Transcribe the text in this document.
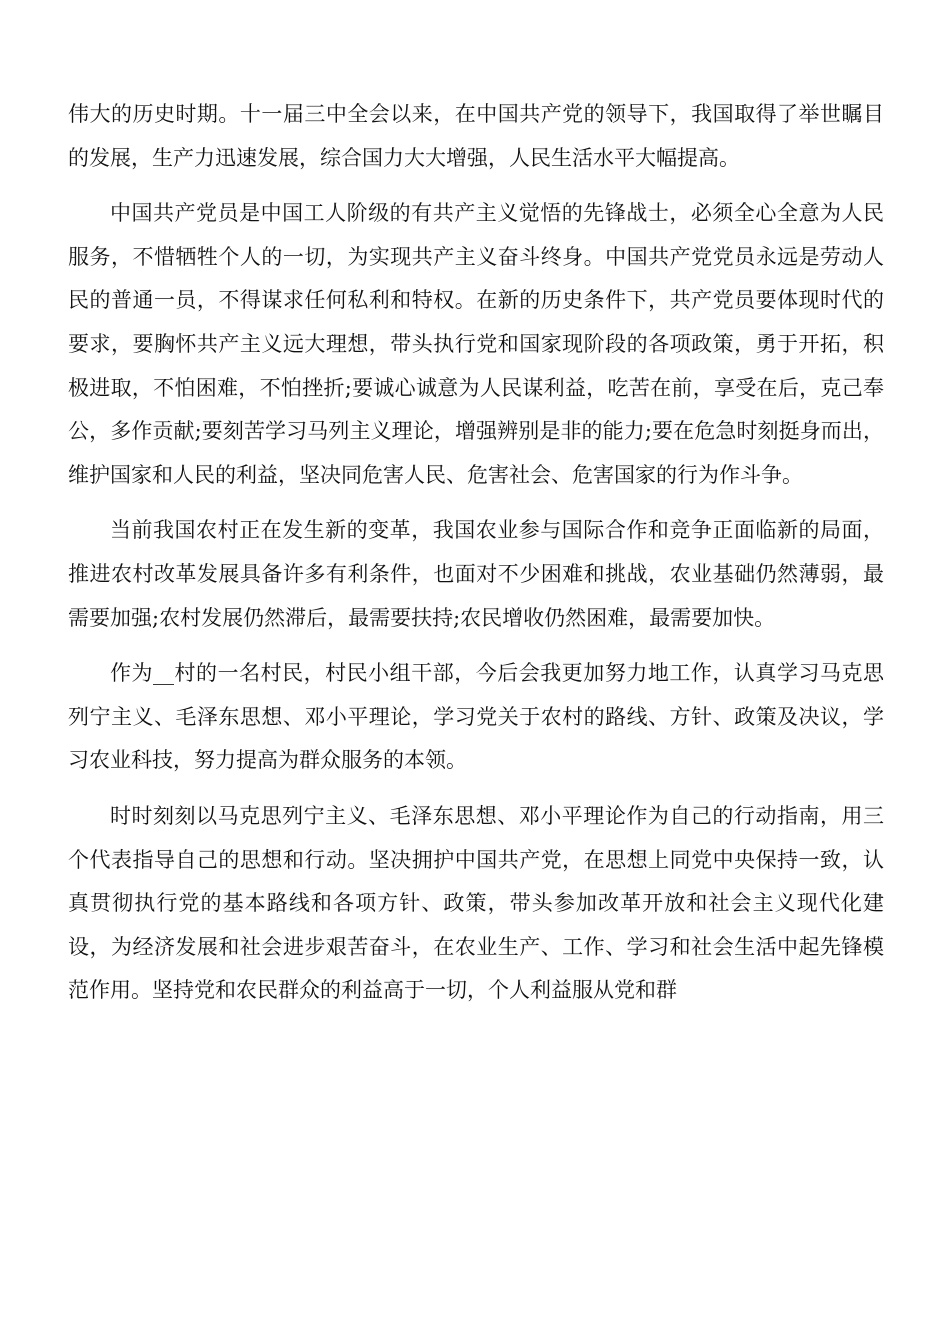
伟大的历史时期。十一届三中全会以来，在中国共产党的领导下，我国取得了举世瞩目的发展，生产力迅速发展，综合国力大大增强，人民生活水平大幅提高。

中国共产党员是中国工人阶级的有共产主义觉悟的先锋战士，必须全心全意为人民服务，不惜牺牲个人的一切，为实现共产主义奋斗终身。中国共产党党员永远是劳动人民的普通一员，不得谋求任何私利和特权。在新的历史条件下，共产党员要体现时代的要求，要胸怀共产主义远大理想，带头执行党和国家现阶段的各项政策，勇于开拓，积极进取，不怕困难，不怕挫折;要诚心诚意为人民谋利益，吃苦在前，享受在后，克己奉公，多作贡献;要刻苦学习马列主义理论，增强辨别是非的能力;要在危急时刻挺身而出，维护国家和人民的利益，坚决同危害人民、危害社会、危害国家的行为作斗争。

当前我国农村正在发生新的变革，我国农业参与国际合作和竞争正面临新的局面，推进农村改革发展具备许多有利条件，也面对不少困难和挑战，农业基础仍然薄弱，最需要加强;农村发展仍然滞后，最需要扶持;农民增收仍然困难，最需要加快。

作为__村的一名村民，村民小组干部，今后会我更加努力地工作，认真学习马克思列宁主义、毛泽东思想、邓小平理论，学习党关于农村的路线、方针、政策及决议，学习农业科技，努力提高为群众服务的本领。

时时刻刻以马克思列宁主义、毛泽东思想、邓小平理论作为自己的行动指南，用三个代表指导自己的思想和行动。坚决拥护中国共产党，在思想上同党中央保持一致，认真贯彻执行党的基本路线和各项方针、政策，带头参加改革开放和社会主义现代化建设，为经济发展和社会进步艰苦奋斗，在农业生产、工作、学习和社会生活中起先锋模范作用。坚持党和农民群众的利益高于一切，个人利益服从党和群
